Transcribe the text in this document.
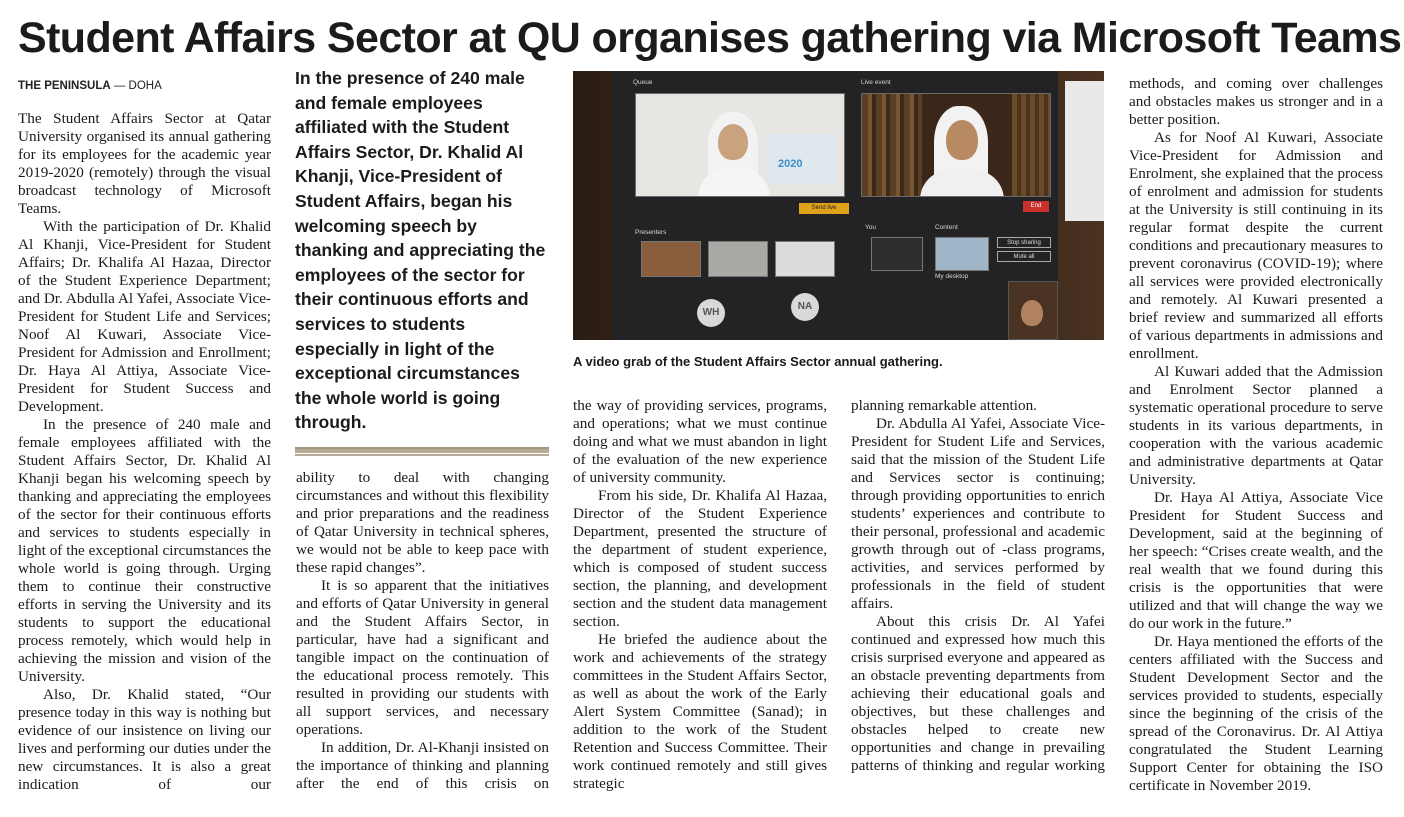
Student Affairs Sector at QU organises gathering via Microsoft Teams
THE PENINSULA — DOHA

The Student Affairs Sector at Qatar University organised its annual gathering for its employees for the academic year 2019-2020 (remotely) through the visual broadcast technology of Microsoft Teams.

With the participation of Dr. Khalid Al Khanji, Vice-President for Student Affairs; Dr. Khalifa Al Hazaa, Director of the Student Experience Department; and Dr. Abdulla Al Yafei, Associate Vice-President for Student Life and Services; Noof Al Kuwari, Associate Vice-President for Admission and Enrollment; Dr. Haya Al Attiya, Associate Vice-President for Student Success and Development.

In the presence of 240 male and female employees affiliated with the Student Affairs Sector, Dr. Khalid Al Khanji began his welcoming speech by thanking and appreciating the employees of the sector for their continuous efforts and services to students especially in light of the exceptional circumstances the whole world is going through. Urging them to continue their constructive efforts in serving the University and its students to support the educational process remotely, which would help in achieving the mission and vision of the University.

Also, Dr. Khalid stated, “Our presence today in this way is nothing but evidence of our insistence on living our lives and performing our duties under the new circumstances. It is also a great indication of our

In the presence of 240 male and female employees affiliated with the Student Affairs Sector, Dr. Khalid Al Khanji, Vice-President of Student Affairs, began his welcoming speech by thanking and appreciating the employees of the sector for their continuous efforts and services to students especially in light of the exceptional circumstances the whole world is going through.

ability to deal with changing circumstances and without this flexibility and prior preparations and the readiness of Qatar University in technical spheres, we would not be able to keep pace with these rapid changes”.

It is so apparent that the initiatives and efforts of Qatar University in general and the Student Affairs Sector, in particular, have had a significant and tangible impact on the continuation of the educational process remotely. This resulted in providing our students with all support services, and necessary operations.

In addition, Dr. Al-Khanji insisted on the importance of thinking and planning after the end of this crisis on

Queue	Live event
2020
Send live	End
Presenters
WH
NA
You	Content
My desktop
Stop sharing
Mute all
A video grab of the Student Affairs Sector annual gathering.

the way of providing services, programs, and operations; what we must continue doing and what we must abandon in light of the evaluation of the new experience of university community.

From his side, Dr. Khalifa Al Hazaa, Director of the Student Experience Department, presented the structure of the department of student experience, which is composed of student success section, the planning, and development section and the student data management section.

He briefed the audience about the work and achievements of the strategy committees in the Student Affairs Sector, as well as about the work of the Early Alert System Committee (Sanad); in addition to the work of the Student Retention and Success Committee. Their work continued remotely and still gives strategic

planning remarkable attention.

Dr. Abdulla Al Yafei, Associate Vice-President for Student Life and Services, said that the mission of the Student Life and Services sector is continuing; through providing opportunities to enrich students’ experiences and contribute to their personal, professional and academic growth through out of -class programs, activities, and services performed by professionals in the field of student affairs.

About this crisis Dr. Al Yafei continued and expressed how much this crisis surprised everyone and appeared as an obstacle preventing departments from achieving their educational goals and objectives, but these challenges and obstacles helped to create new opportunities and change in prevailing patterns of thinking and regular working

methods, and coming over challenges and obstacles makes us stronger and in a better position.

As for Noof Al Kuwari, Associate Vice-President for Admission and Enrolment, she explained that the process of enrolment and admission for students at the University is still continuing in its regular format despite the current conditions and precautionary measures to prevent coronavirus (COVID-19); where all services were provided electronically and remotely. Al Kuwari presented a brief review and summarized all efforts of various departments in admissions and enrollment.

Al Kuwari added that the Admission and Enrolment Sector planned a systematic operational procedure to serve students in its various departments, in cooperation with the various academic and administrative departments at Qatar University.

Dr. Haya Al Attiya, Associate Vice President for Student Success and Development, said at the beginning of her speech: “Crises create wealth, and the real wealth that we found during this crisis is the opportunities that were utilized and that will change the way we do our work in the future.”

Dr. Haya mentioned the efforts of the centers affiliated with the Success and Student Development Sector and the services provided to students, especially since the beginning of the crisis of the spread of the Coronavirus. Dr. Al Attiya congratulated the Student Learning Support Center for obtaining the ISO certificate in November 2019.
